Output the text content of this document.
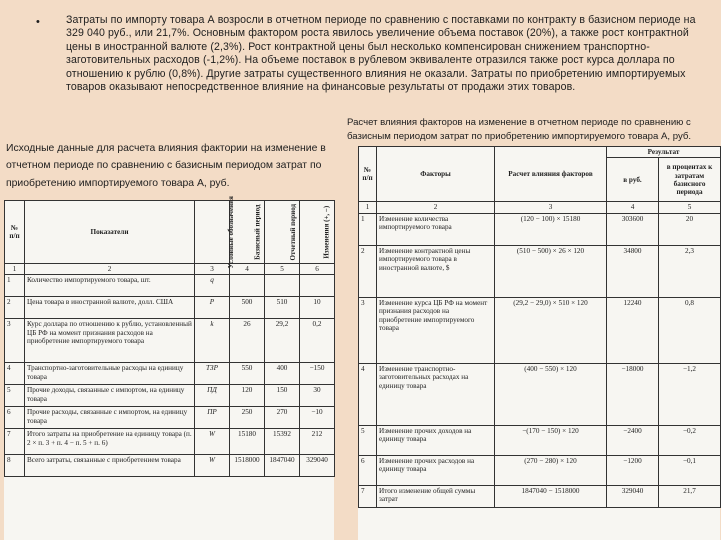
• Затраты по импорту товара А возросли в отчетном периоде по сравнению с поставками по контракту в базисном периоде на 329 040 руб., или 21,7%. Основным фактором роста явилось увеличение объема поставок (20%), а также рост контрактной цены в иностранной валюте (2,3%). Рост контрактной цены был несколько компенсирован снижением транспортно-заготовительных расходов (-1,2%). На объеме поставок в рублевом эквиваленте отразился также рост курса доллара по отношению к рублю (0,8%). Другие затраты существенного влияния не оказали. Затраты по приобретению импортируемых товаров оказывают непосредственное влияние на финансовые результаты от продажи этих товаров.
Расчет влияния факторов на изменение в отчетном периоде по сравнению с базисным периодом затрат по приобретению импортируемого товара А, руб.
Исходные данные для расчета влияния фактории на изменение в отчетном периоде по сравнению с базисным периодом затрат по приобретению импортируемого товара А, руб.
№ п/п	Показатели	Условные обозначения	Базисный период	Отчетный период	Изменения (+, −)
1	2	3	4	5	6
1	Количество импортируемого товара, шт.	q			
2	Цена товара в иностранной валюте, долл. США	P	500	510	10
3	Курс доллара по отношению к рублю, установленный ЦБ РФ на момент признания расходов на приобретение импортируемого товара	k	26	29,2	0,2
4	Транспортно-заготовительные расходы на единицу товара	ТЗР	550	400	−150
5	Прочие доходы, связанные с импортом, на единицу товара	ПД	120	150	30
6	Прочие расходы, связанные с импортом, на единицу товара	ПР	250	270	−10
7	Итого затраты на приобретение на единицу товара (п. 2 × п. 3 + п. 4 − п. 5 + п. 6)	W	15180	15392	212
8	Всего затраты, связанные с приобретением товара	W	1518000	1847040	329040
№ п/п	Факторы	Расчет влияния факторов	Результат	
			в руб.	в процентах к затратам базисного периода
1	2	3	4	5
1	Изменение количества импортируемого товара	(120 − 100) × 15180	303600	20
2	Изменение контрактной цены импортируемого товара в иностранной валюте, $	(510 − 500) × 26 × 120	34800	2,3
3	Изменение курса ЦБ РФ на момент признания расходов на приобретение импортируемого товара	(29,2 − 29,0) × 510 × 120	12240	0,8
4	Изменение транспортно-заготовительных расходах на единицу товара	(400 − 550) × 120	−18000	−1,2
5	Изменение прочих доходов на единицу товара	−(170 − 150) × 120	−2400	−0,2
6	Изменение прочих расходов на единицу товара	(270 − 280) × 120	−1200	−0,1
7	Итого изменение общей суммы затрат	1847040 − 1518000	329040	21,7
